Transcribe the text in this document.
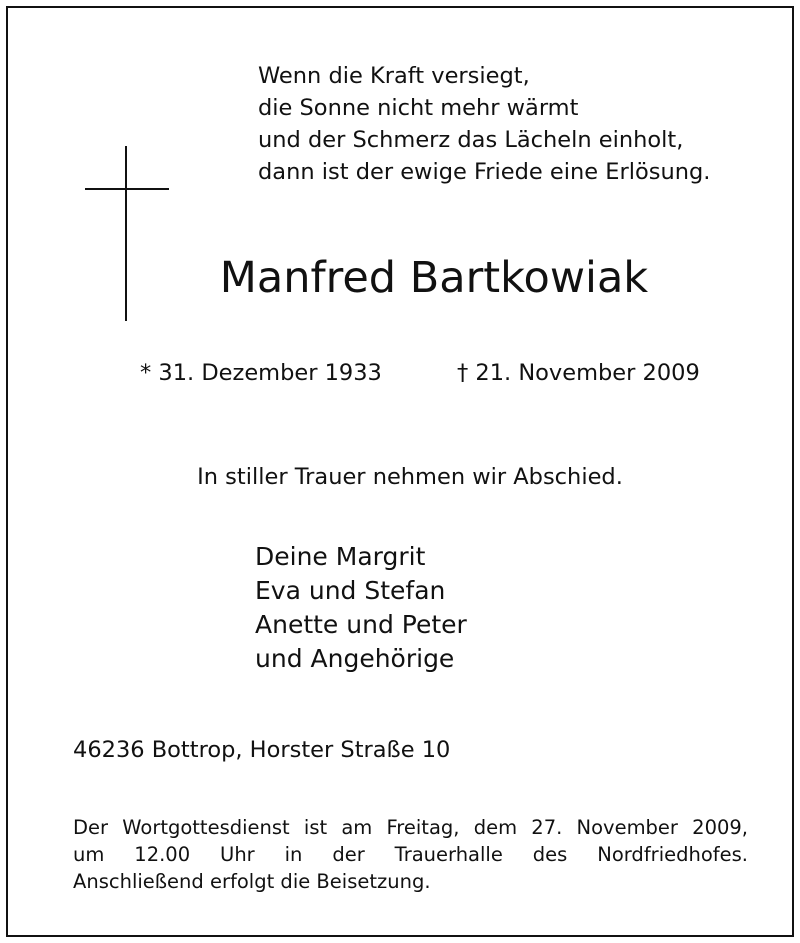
Wenn die Kraft versiegt,
die Sonne nicht mehr wärmt
und der Schmerz das Lächeln einholt,
dann ist der ewige Friede eine Erlösung.
Manfred Bartkowiak
* 31. Dezember 1933	† 21. November 2009
In stiller Trauer nehmen wir Abschied.
Deine Margrit
Eva und Stefan
Anette und Peter
und Angehörige
46236 Bottrop, Horster Straße 10
Der Wortgottesdienst ist am Freitag, dem 27. November 2009,
um 12.00 Uhr in der Trauerhalle des Nordfriedhofes.
Anschließend erfolgt die Beisetzung.
